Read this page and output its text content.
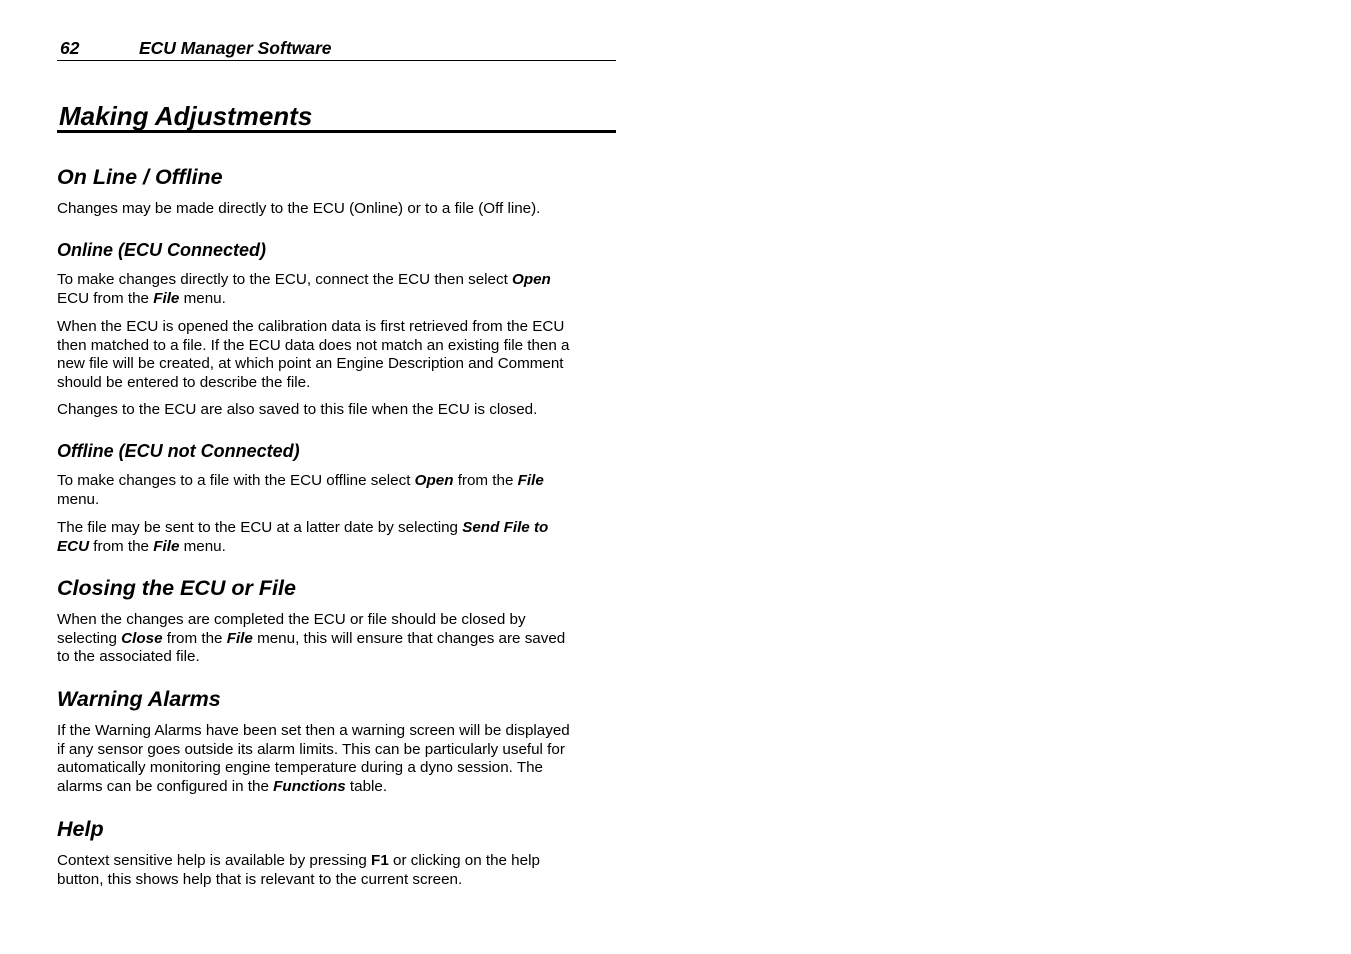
62	ECU Manager Software
Making Adjustments
On Line / Offline

Changes may be made directly to the ECU (Online) or to a file (Off line).

Online (ECU Connected)

To make changes directly to the ECU, connect the ECU then select Open
ECU from the File menu.

When the ECU is opened the calibration data is first retrieved from the ECU
then matched to a file. If the ECU data does not match an existing file then a
new file will be created, at which point an Engine Description and Comment
should be entered to describe the file.

Changes to the ECU are also saved to this file when the ECU is closed.

Offline (ECU not Connected)

To make changes to a file with the ECU offline select Open from the File
menu.

The file may be sent to the ECU at a latter date by selecting Send File to
ECU from the File menu.

Closing the ECU or File

When the changes are completed the ECU or file should be closed by
selecting Close from the File menu, this will ensure that changes are saved
to the associated file.

Warning Alarms

If the Warning Alarms have been set then a warning screen will be displayed
if any sensor goes outside its alarm limits. This can be particularly useful for
automatically monitoring engine temperature during a dyno session. The
alarms can be configured in the Functions table.

Help

Context sensitive help is available by pressing F1 or clicking on the help
button, this shows help that is relevant to the current screen.
